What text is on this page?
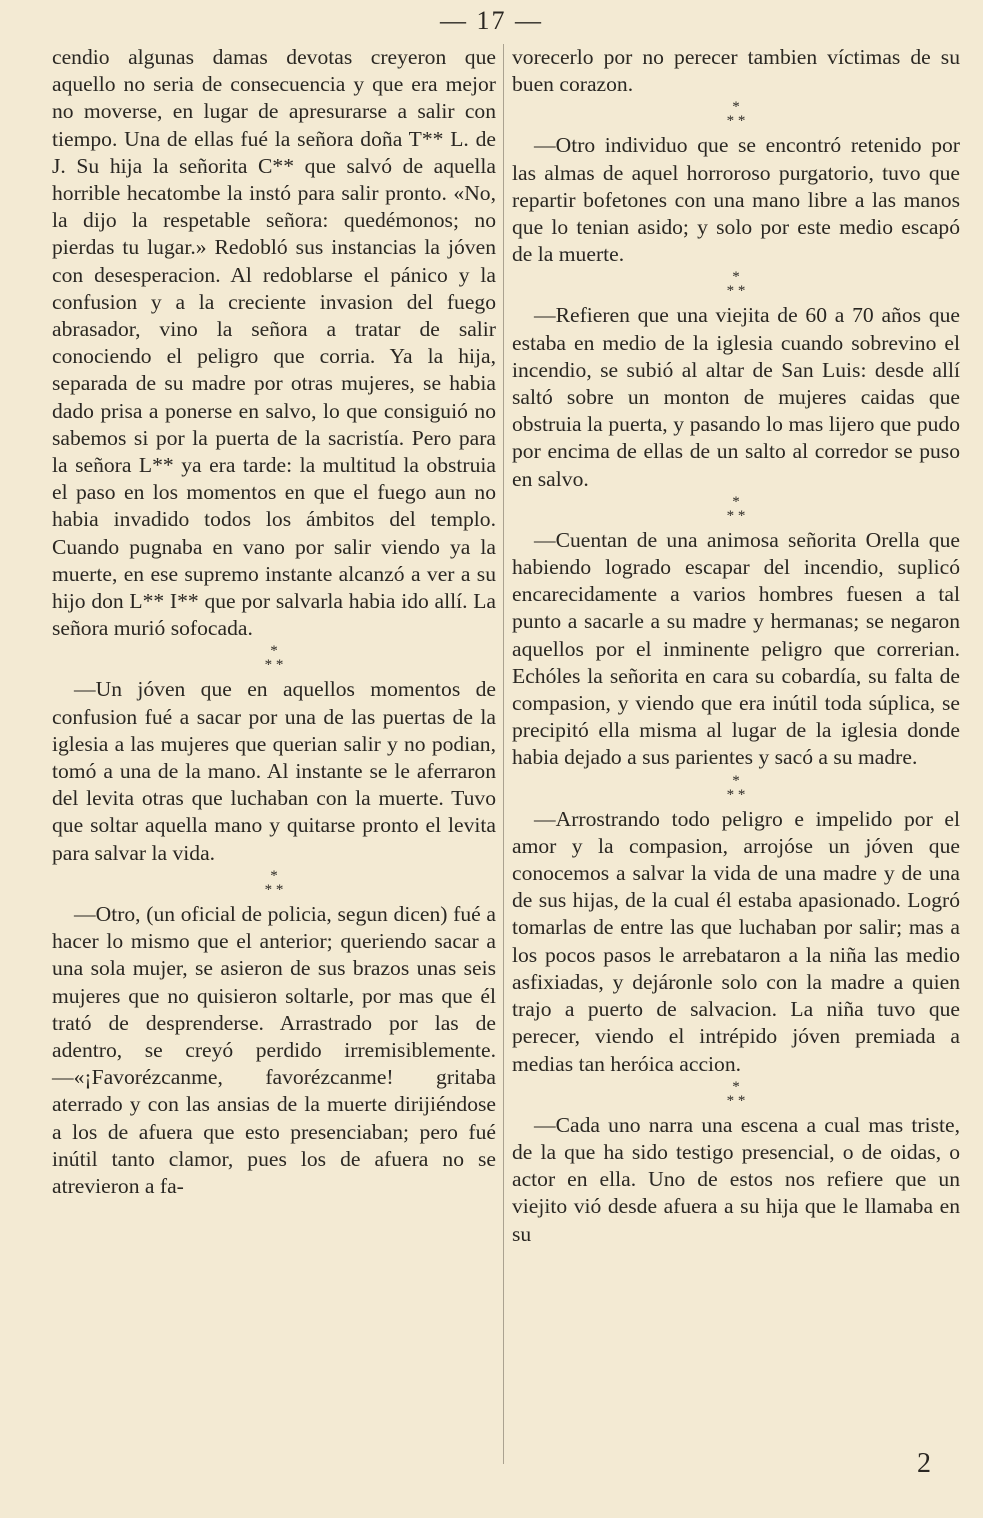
— 17 —

cendio algunas damas devotas creyeron que aquello no seria de consecuencia y que era mejor no moverse, en lugar de apresurarse a salir con tiempo. Una de ellas fué la señora doña T** L. de J. Su hija la señorita C** que salvó de aquella horrible hecatombe la instó para salir pronto. «No, la dijo la respetable señora: quedémonos; no pierdas tu lugar.» Redobló sus instancias la jóven con desesperacion. Al redoblarse el pánico y la confusion y a la creciente invasion del fuego abrasador, vino la señora a tratar de salir conociendo el peligro que corria. Ya la hija, separada de su madre por otras mujeres, se habia dado prisa a ponerse en salvo, lo que consiguió no sabemos si por la puerta de la sacristía. Pero para la señora L** ya era tarde: la multitud la obstruia el paso en los momentos en que el fuego aun no habia invadido todos los ámbitos del templo. Cuando pugnaba en vano por salir viendo ya la muerte, en ese supremo instante alcanzó a ver a su hijo don L** I** que por salvarla habia ido allí. La señora murió sofocada.

*
* *

—Un jóven que en aquellos momentos de confusion fué a sacar por una de las puertas de la iglesia a las mujeres que querian salir y no podian, tomó a una de la mano. Al instante se le aferraron del levita otras que luchaban con la muerte. Tuvo que soltar aquella mano y quitarse pronto el levita para salvar la vida.

*
* *

—Otro, (un oficial de policia, segun dicen) fué a hacer lo mismo que el anterior; queriendo sacar a una sola mujer, se asieron de sus brazos unas seis mujeres que no quisieron soltarle, por mas que él trató de desprenderse. Arrastrado por las de adentro, se creyó perdido irremisiblemente.—«¡Favorézcanme, favorézcanme! gritaba aterrado y con las ansias de la muerte dirijiéndose a los de afuera que esto presenciaban; pero fué inútil tanto clamor, pues los de afuera no se atrevieron a fa-

vorecerlo por no perecer tambien víctimas de su buen corazon.

*
* *

—Otro individuo que se encontró retenido por las almas de aquel horroroso purgatorio, tuvo que repartir bofetones con una mano libre a las manos que lo tenian asido; y solo por este medio escapó de la muerte.

*
* *

—Refieren que una viejita de 60 a 70 años que estaba en medio de la iglesia cuando sobrevino el incendio, se subió al altar de San Luis: desde allí saltó sobre un monton de mujeres caidas que obstruia la puerta, y pasando lo mas lijero que pudo por encima de ellas de un salto al corredor se puso en salvo.

*
* *

—Cuentan de una animosa señorita Orella que habiendo logrado escapar del incendio, suplicó encarecidamente a varios hombres fuesen a tal punto a sacarle a su madre y hermanas; se negaron aquellos por el inminente peligro que correrian. Echóles la señorita en cara su cobardía, su falta de compasion, y viendo que era inútil toda súplica, se precipitó ella misma al lugar de la iglesia donde habia dejado a sus parientes y sacó a su madre.

*
* *

—Arrostrando todo peligro e impelido por el amor y la compasion, arrojóse un jóven que conocemos a salvar la vida de una madre y de una de sus hijas, de la cual él estaba apasionado. Logró tomarlas de entre las que luchaban por salir; mas a los pocos pasos le arrebataron a la niña las medio asfixiadas, y dejáronle solo con la madre a quien trajo a puerto de salvacion. La niña tuvo que perecer, viendo el intrépido jóven premiada a medias tan heróica accion.

*
* *

—Cada uno narra una escena a cual mas triste, de la que ha sido testigo presencial, o de oidas, o actor en ella. Uno de estos nos refiere que un viejito vió desde afuera a su hija que le llamaba en su

2
